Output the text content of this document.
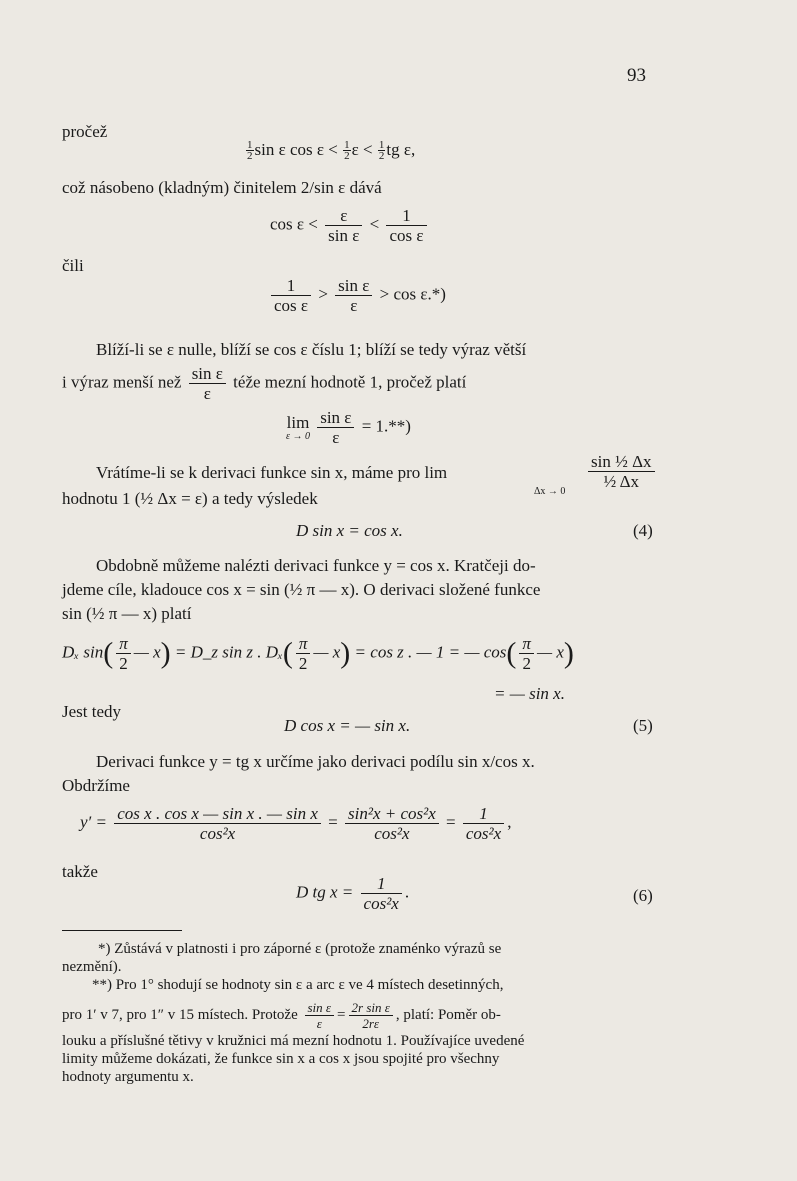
93
pročež
$\frac{1}{2}$ sin ε $\cos \varepsilon < \frac{1}{2}$ $\varepsilon < \frac{1}{2}$ tg ε,
což násobeno (kladným) činitelem 2/sin ε dává
$\cos \varepsilon < \frac{\varepsilon}{\text{sin ε}} < \frac{1}{\text{cos ε}}$
čili
$\frac{1}{\text{cos ε}} > \frac{\text{sin ε}}{\varepsilon} > \cos \varepsilon.*$)
Blíží-li se ε nulle, blíží se cos ε číslu 1; blíží se tedy výraz větší
i výraz menší než $\frac{\text{sin ε}}{\varepsilon}$ téže mezní hodnotě 1, pročež platí
lim
ε → 0
$\frac{\text{sin ε}}{\varepsilon} = 1.**$)
Vrátíme-li se k derivaci funkce sin x, máme pro lim
Δx → 0
$\frac{\text{sin ½ Δx}}{\text{½ Δx}}$
hodnotu 1 (½ Δx = ε) a tedy výsledek
D sin x = cos x.	(4)
Obdobně můžeme nalézti derivaci funkce y = cos x. Kratčeji do-
jdeme cíle, kladouce cos x = sin (½ π — x). O derivaci složené funkce
sin (½ π — x) platí
Dₓ $\sin( \frac{\pi}{2}$ — x) = D_z sin z . $D_x( \frac{\pi}{2}$ — x) = cos z . — 1 = — $\cos( \frac{\pi}{2}$ — x)
= — sin x.
Jest tedy
D cos x = — sin x.	(5)
Derivaci funkce y = tg x určíme jako derivaci podílu sin x/cos x.
Obdržíme
$y' = \frac{\text{cos x . cos x — sin x . — sin x}}{\text{cos²x}} = \frac{\text{sin²x + cos²x}}{\text{cos²x}} = \frac{1}{\text{cos²x}}$ ,
takže
D tg $x = \frac{1}{\text{cos²x}}$ .	(6)
*) Zůstává v platnosti i pro záporné ε (protože znaménko výrazů se
nezmění).
**) Pro 1° shodují se hodnoty sin ε a arc ε ve 4 místech desetinných,
pro 1′ v 7, pro 1″ v 15 místech. Protože $\frac{\text{sin ε}}{\varepsilon} = \frac{\text{2r sin ε}}{2r\varepsilon}$ , platí: Poměr ob-
louku a příslušné tětivy v kružnici má mezní hodnotu 1. Používajíce uvedené
limity můžeme dokázati, že funkce sin x a cos x jsou spojité pro všechny
hodnoty argumentu x.
